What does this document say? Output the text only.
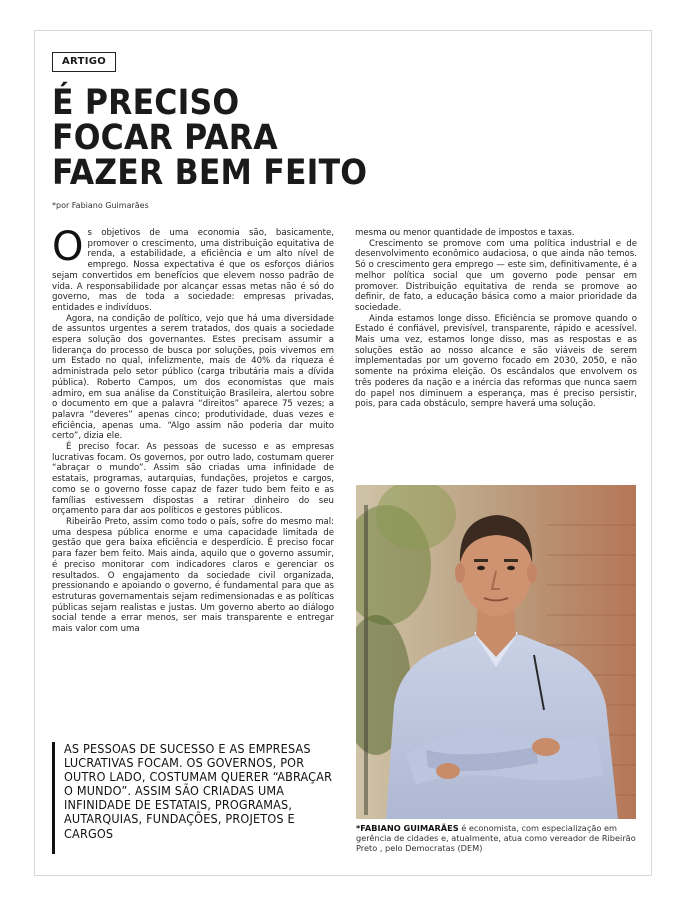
ARTIGO
É PRECISO
FOCAR PARA
FAZER BEM FEITO
*por Fabiano Guimarães

Os objetivos de uma economia são, basicamente, promover o crescimento, uma distribuição equitativa de renda, a estabilidade, a eficiência e um alto nível de emprego. Nossa expectativa é que os esforços diários sejam convertidos em benefícios que elevem nosso padrão de vida. A responsabilidade por alcançar essas metas não é só do governo, mas de toda a sociedade: empresas privadas, entidades e indivíduos.

Agora, na condição de político, vejo que há uma diversidade de assuntos urgentes a serem tratados, dos quais a sociedade espera solução dos governantes. Estes precisam assumir a liderança do processo de busca por soluções, pois vivemos em um Estado no qual, infelizmente, mais de 40% da riqueza é administrada pelo setor público (carga tributária mais a dívida pública). Roberto Campos, um dos economistas que mais admiro, em sua análise da Constituição Brasileira, alertou sobre o documento em que a palavra “direitos” aparece 75 vezes; a palavra “deveres” apenas cinco; produtividade, duas vezes e eficiência, apenas uma. “Algo assim não poderia dar muito certo”, dizia ele.

É preciso focar. As pessoas de sucesso e as empresas lucrativas focam. Os governos, por outro lado, costumam querer “abraçar o mundo”. Assim são criadas uma infinidade de estatais, programas, autarquias, fundações, projetos e cargos, como se o governo fosse capaz de fazer tudo bem feito e as famílias estivessem dispostas a retirar dinheiro do seu orçamento para dar aos políticos e gestores públicos.

Ribeirão Preto, assim como todo o país, sofre do mesmo mal: uma despesa pública enorme e uma capacidade limitada de gestão que gera baixa eficiência e desperdício. É preciso focar para fazer bem feito. Mais ainda, aquilo que o governo assumir, é preciso monitorar com indicadores claros e gerenciar os resultados. O engajamento da sociedade civil organizada, pressionando e apoiando o governo, é fundamental para que as estruturas governamentais sejam redimensionadas e as políticas públicas sejam realistas e justas. Um governo aberto ao diálogo social tende a errar menos, ser mais transparente e entregar mais valor com uma

mesma ou menor quantidade de impostos e taxas.

Crescimento se promove com uma política industrial e de desenvolvimento econômico audaciosa, o que ainda não temos. Só o crescimento gera emprego — este sim, definitivamente, é a melhor política social que um governo pode pensar em promover. Distribuição equitativa de renda se promove ao definir, de fato, a educação básica como a maior prioridade da sociedade.

Ainda estamos longe disso. Eficiência se promove quando o Estado é confiável, previsível, transparente, rápido e acessível. Mais uma vez, estamos longe disso, mas as respostas e as soluções estão ao nosso alcance e são viáveis de serem implementadas por um governo focado em 2030, 2050, e não somente na próxima eleição. Os escândalos que envolvem os três poderes da nação e a inércia das reformas que nunca saem do papel nos diminuem a esperança, mas é preciso persistir, pois, para cada obstáculo, sempre haverá uma solução.

AS PESSOAS DE SUCESSO E AS EMPRESAS LUCRATIVAS FOCAM. OS GOVERNOS, POR OUTRO LADO, COSTUMAM QUERER “ABRAÇAR O MUNDO”. ASSIM SÃO CRIADAS UMA INFINIDADE DE ESTATAIS, PROGRAMAS, AUTARQUIAS, FUNDAÇÕES, PROJETOS E CARGOS	*FABIANO GUIMARÃES é economista, com especialização em gerência de cidades e, atualmente, atua como vereador de Ribeirão Preto , pelo Democratas (DEM)
